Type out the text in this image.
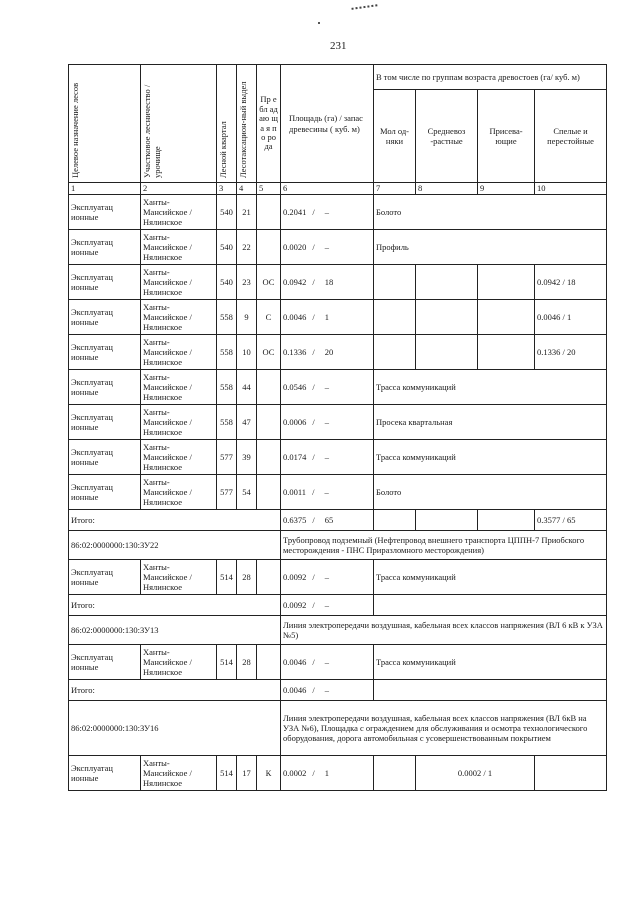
231
Целевое назначение лесов	Участковое лесничество / урочище	Лесной квартал	Лесотаксацион-ный выдел	Пр ебл ад аю ща я по ро да	Площадь (га) / запас древесины ( куб. м)	В том числе по группам возраста древостоев (га/ куб. м)			
						Мол од-няки	Средневоз -растные	Присева-ющие	Спелые и перестойные
1	2	3	4	5	6	7	8	9	10
Эксплуатац ионные	Ханты-Мансийское / Нялинское	540	21		0.2041 / –	Болото			
Эксплуатац ионные	Ханты-Мансийское / Нялинское	540	22		0.0020 / –	Профиль			
Эксплуатац ионные	Ханты-Мансийское / Нялинское	540	23	ОС	0.0942 / 18				0.0942 / 18
Эксплуатац ионные	Ханты-Мансийское / Нялинское	558	9	С	0.0046 / 1				0.0046 / 1
Эксплуатац ионные	Ханты-Мансийское / Нялинское	558	10	ОС	0.1336 / 20				0.1336 / 20
Эксплуатац ионные	Ханты-Мансийское / Нялинское	558	44		0.0546 / –	Трасса коммуникаций			
Эксплуатац ионные	Ханты-Мансийское / Нялинское	558	47		0.0006 / –	Просека квартальная			
Эксплуатац ионные	Ханты-Мансийское / Нялинское	577	39		0.0174 / –	Трасса коммуникаций			
Эксплуатац ионные	Ханты-Мансийское / Нялинское	577	54		0.0011 / –	Болото			
Итого:					0.6375 / 65				0.3577 / 65
86:02:0000000:130:ЗУ22					Трубопровод подземный (Нефтепровод внешнего транспорта ЦППН-7 Приобского месторождения - ПНС Приразломного месторождения)				
Эксплуатац ионные	Ханты-Мансийское / Нялинское	514	28		0.0092 / –	Трасса коммуникаций			
Итого:					0.0092 / –				
86:02:0000000:130:ЗУ13					Линия электропередачи воздушная, кабельная всех классов напряжения (ВЛ 6 кВ к УЗА №5)				
Эксплуатац ионные	Ханты-Мансийское / Нялинское	514	28		0.0046 / –	Трасса коммуникаций			
Итого:					0.0046 / –				
86:02:0000000:130:ЗУ16					Линия электропередачи воздушная, кабельная всех классов напряжения (ВЛ 6кВ на УЗА №6), Площадка с ограждением для обслуживания и осмотра технологического оборудования, дорога автомобильная с усовершенствованным покрытием				
Эксплуатац ионные	Ханты-Мансийское / Нялинское	514	17	К	0.0002 / 1		0.0002 / 1		
